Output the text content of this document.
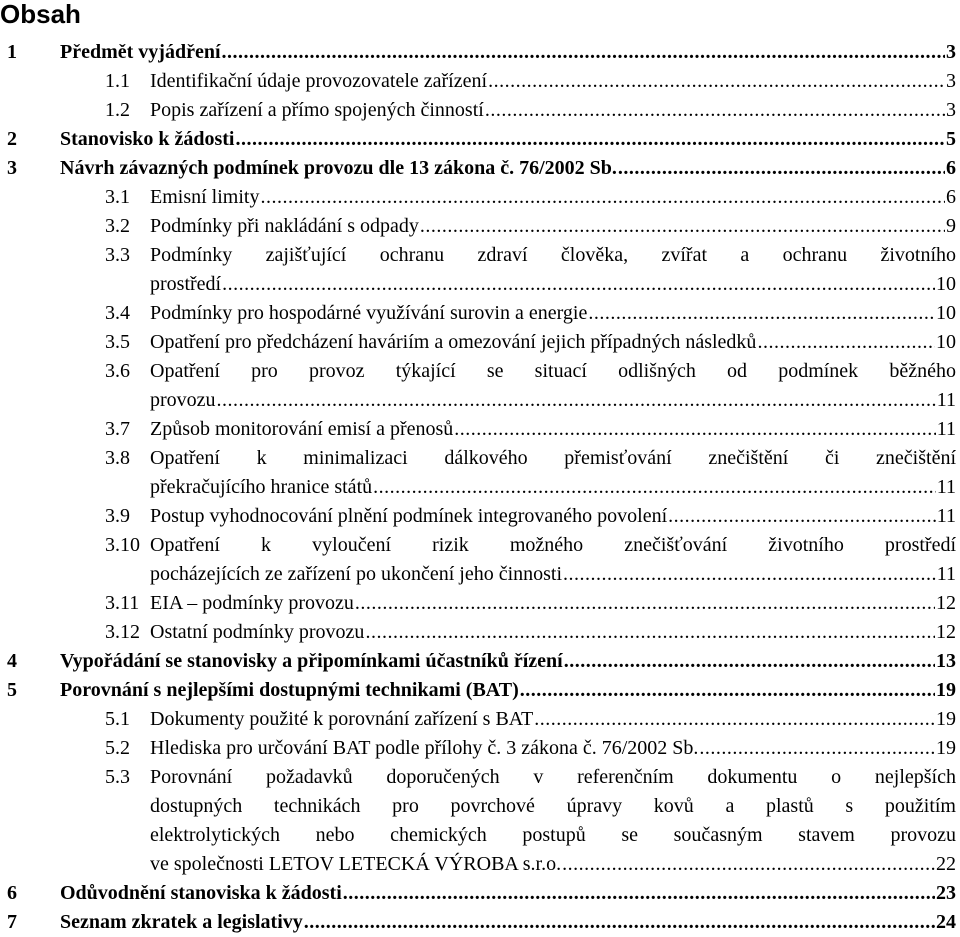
Obsah
1 Předmět vyjádření .....	3
1.1 Identifikační údaje provozovatele zařízení .....	3
1.2 Popis zařízení a přímo spojených činností .....	3
2 Stanovisko k žádosti .....	5
3 Návrh závazných podmínek provozu dle 13 zákona č. 76/2002 Sb. .....	6
3.1 Emisní limity .....	6
3.2 Podmínky při nakládání s odpady .....	9
3.3 Podmínky zajišťující ochranu zdraví člověka, zvířat a ochranu životního
prostředí .....	10
3.4 Podmínky pro hospodárné využívání surovin a energie .....	10
3.5 Opatření pro předcházení haváriím a omezování jejich případných následků .....	10
3.6 Opatření pro provoz týkající se situací odlišných od podmínek běžného
provozu .....	11
3.7 Způsob monitorování emisí a přenosů .....	11
3.8 Opatření k minimalizaci dálkového přemisťování znečištění či znečištění
překračujícího hranice států .....	11
3.9 Postup vyhodnocování plnění podmínek integrovaného povolení .....	11
3.10 Opatření k vyloučení rizik možného znečišťování životního prostředí
pocházejících ze zařízení po ukončení jeho činnosti .....	11
3.11 EIA – podmínky provozu .....	12
3.12 Ostatní podmínky provozu .....	12
4 Vypořádání se stanovisky a připomínkami účastníků řízení .....	13
5 Porovnání s nejlepšími dostupnými technikami (BAT) .....	19
5.1 Dokumenty použité k porovnání zařízení s BAT .....	19
5.2 Hlediska pro určování BAT podle přílohy č. 3 zákona č. 76/2002 Sb. .....	19
5.3 Porovnání požadavků doporučených v referenčním dokumentu o nejlepších
dostupných technikách pro povrchové úpravy kovů a plastů s použitím
elektrolytických nebo chemických postupů se současným stavem provozu
ve společnosti LETOV LETECKÁ VÝROBA s.r.o. .....	22
6 Odůvodnění stanoviska k žádosti .....	23
7 Seznam zkratek a legislativy .....	24
